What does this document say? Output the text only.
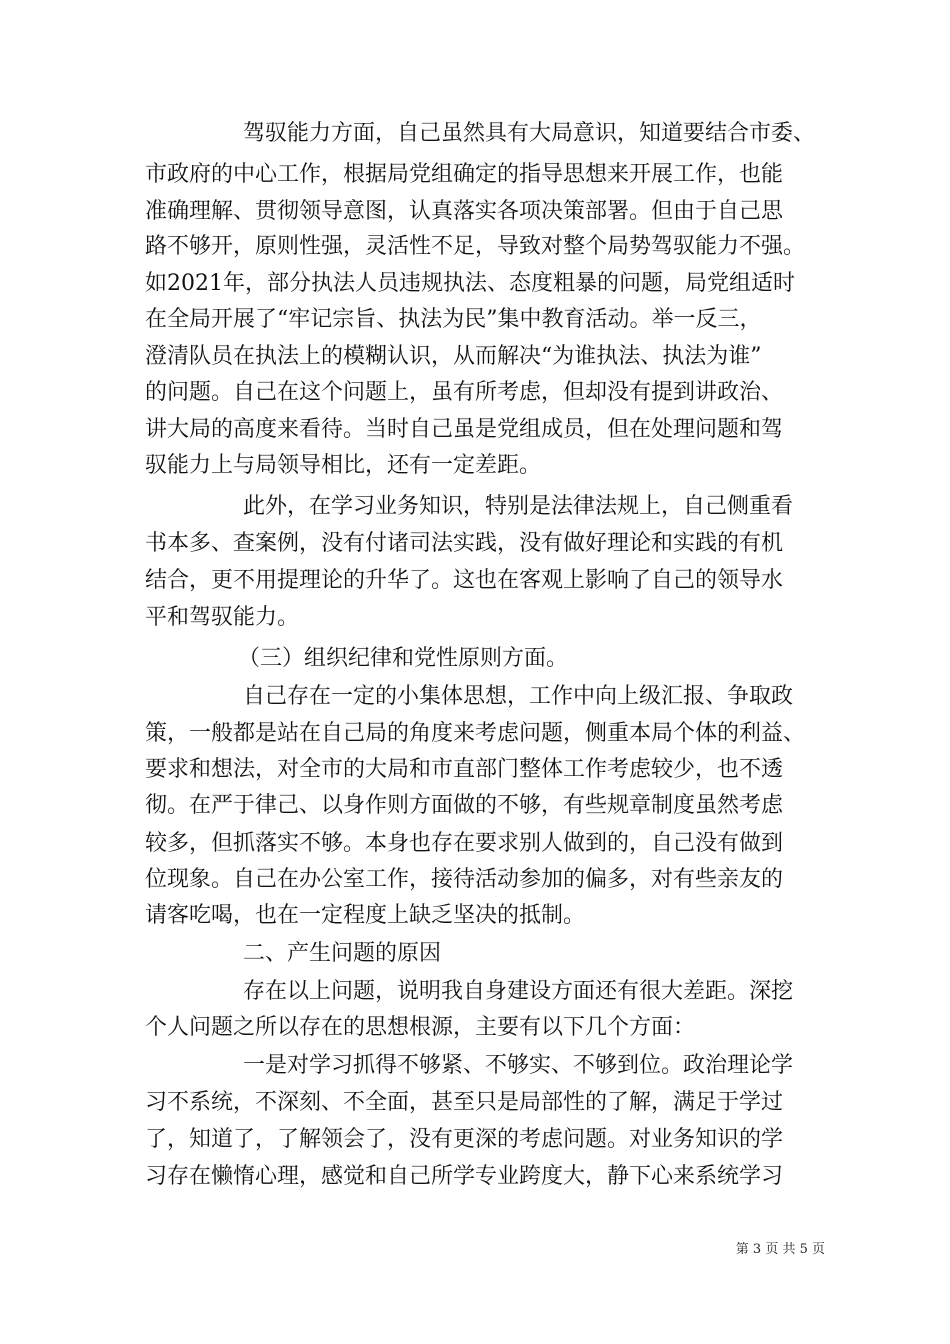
驾驭能力方面，自己虽然具有大局意识，知道要结合市委、
市政府的中心工作，根据局党组确定的指导思想来开展工作，也能
准确理解、贯彻领导意图，认真落实各项决策部署。但由于自己思
路不够开，原则性强，灵活性不足，导致对整个局势驾驭能力不强。
如2021年，部分执法人员违规执法、态度粗暴的问题，局党组适时
在全局开展了“牢记宗旨、执法为民”集中教育活动。举一反三，
澄清队员在执法上的模糊认识，从而解决“为谁执法、执法为谁”
的问题。自己在这个问题上，虽有所考虑，但却没有提到讲政治、
讲大局的高度来看待。当时自己虽是党组成员，但在处理问题和驾
驭能力上与局领导相比，还有一定差距。
此外，在学习业务知识，特别是法律法规上，自己侧重看
书本多、查案例，没有付诸司法实践，没有做好理论和实践的有机
结合，更不用提理论的升华了。这也在客观上影响了自己的领导水
平和驾驭能力。
（三）组织纪律和党性原则方面。
自己存在一定的小集体思想，工作中向上级汇报、争取政
策，一般都是站在自己局的角度来考虑问题，侧重本局个体的利益、
要求和想法，对全市的大局和市直部门整体工作考虑较少，也不透
彻。在严于律己、以身作则方面做的不够，有些规章制度虽然考虑
较多，但抓落实不够。本身也存在要求别人做到的，自己没有做到
位现象。自己在办公室工作，接待活动参加的偏多，对有些亲友的
请客吃喝，也在一定程度上缺乏坚决的抵制。
二、产生问题的原因
存在以上问题，说明我自身建设方面还有很大差距。深挖
个人问题之所以存在的思想根源，主要有以下几个方面：
一是对学习抓得不够紧、不够实、不够到位。政治理论学
习不系统，不深刻、不全面，甚至只是局部性的了解，满足于学过
了，知道了，了解领会了，没有更深的考虑问题。对业务知识的学
习存在懒惰心理，感觉和自己所学专业跨度大，静下心来系统学习
第 3 页 共 5 页
